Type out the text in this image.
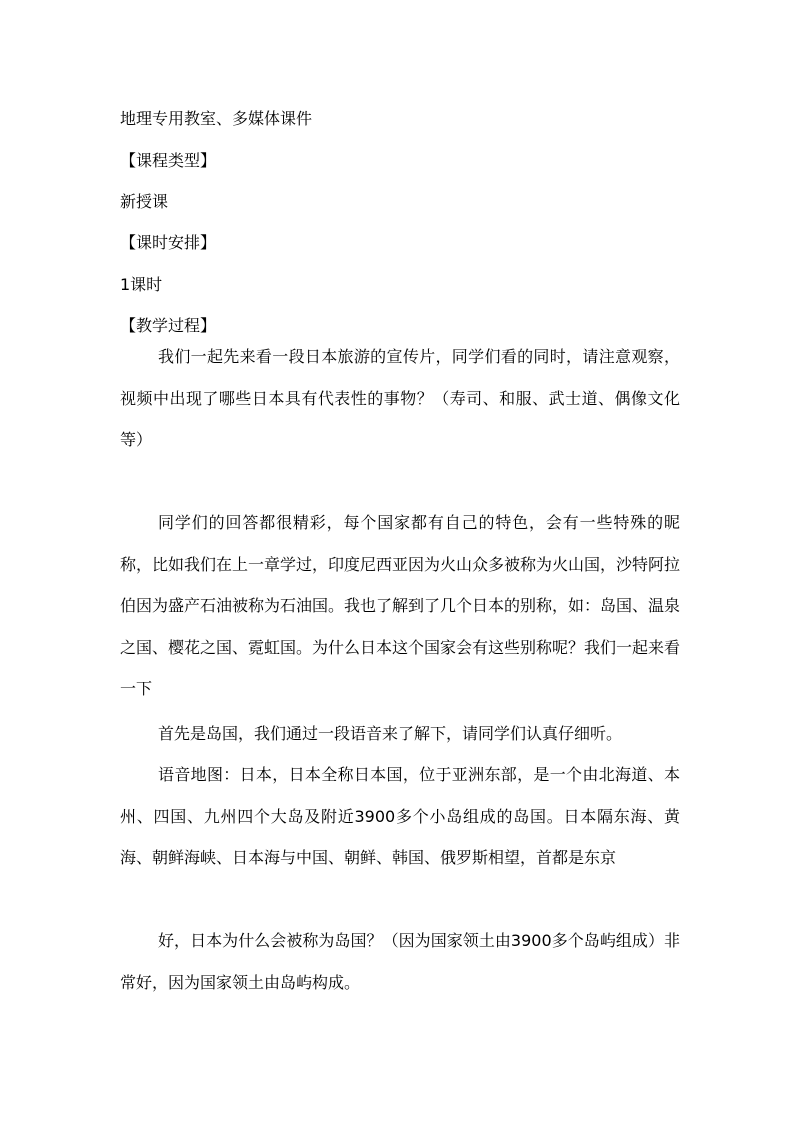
地理专用教室、多媒体课件
【课程类型】
新授课
【课时安排】
1课时
【教学过程】

我们一起先来看一段日本旅游的宣传片，同学们看的同时，请注意观察，视频中出现了哪些日本具有代表性的事物？（寿司、和服、武士道、偶像文化等）

同学们的回答都很精彩，每个国家都有自己的特色，会有一些特殊的昵称，比如我们在上一章学过，印度尼西亚因为火山众多被称为火山国，沙特阿拉伯因为盛产石油被称为石油国。我也了解到了几个日本的别称，如：岛国、温泉之国、樱花之国、霓虹国。为什么日本这个国家会有这些别称呢？我们一起来看一下

首先是岛国，我们通过一段语音来了解下，请同学们认真仔细听。

语音地图：日本，日本全称日本国，位于亚洲东部，是一个由北海道、本州、四国、九州四个大岛及附近3900多个小岛组成的岛国。日本隔东海、黄海、朝鲜海峡、日本海与中国、朝鲜、韩国、俄罗斯相望，首都是东京

好，日本为什么会被称为岛国？（因为国家领土由3900多个岛屿组成）非常好，因为国家领土由岛屿构成。
